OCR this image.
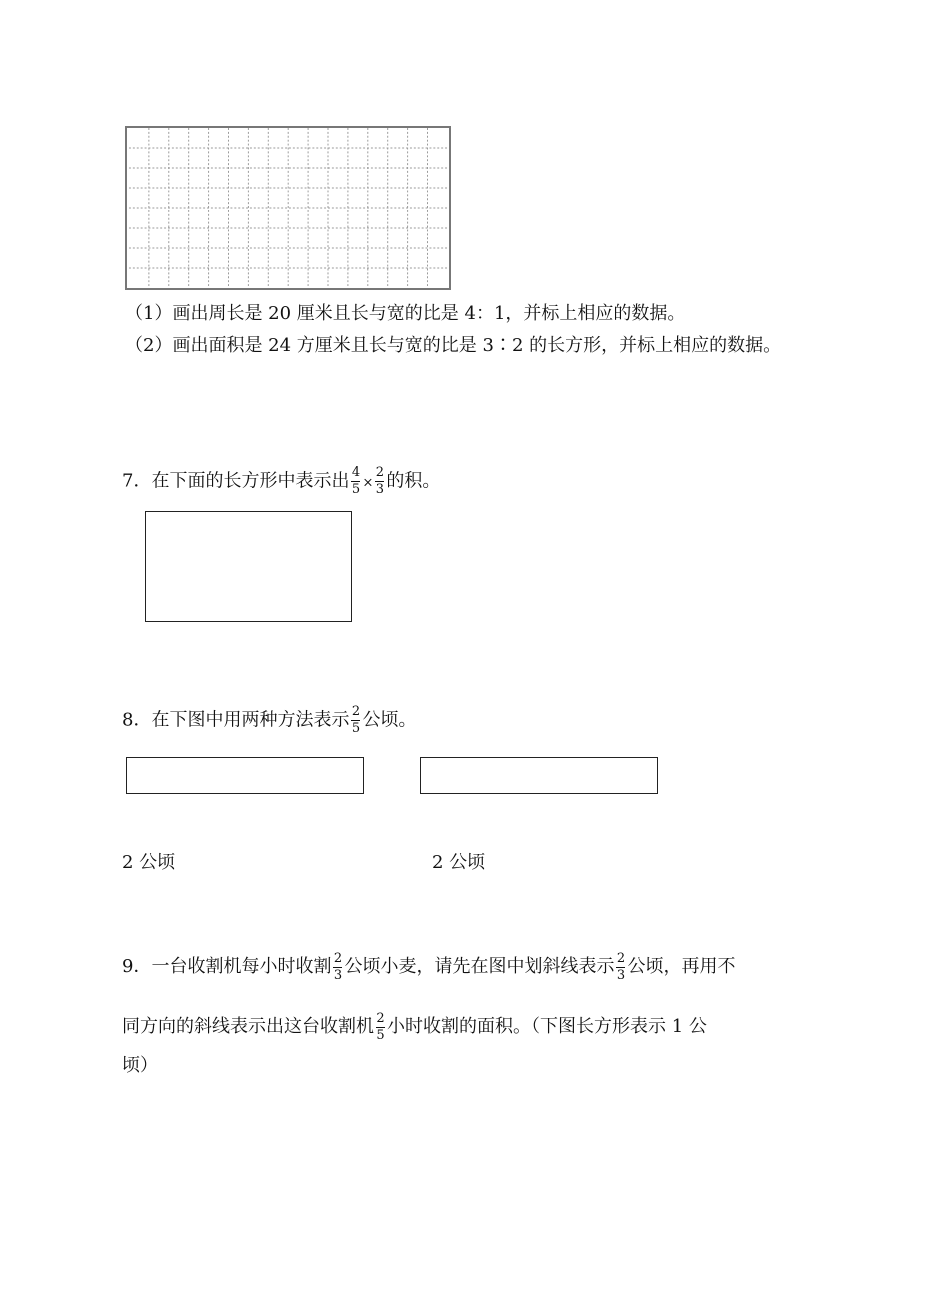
（1）画出周长是 20 厘米且长与宽的比是 4：1，并标上相应的数据。
（2）画出面积是 24 方厘米且长与宽的比是 3∶2 的长方形，并标上相应的数据。
7．在下面的长方形中表示出 $\frac{4}{5} \times \frac{2}{3}$ 的积。
8．在下图中用两种方法表示 $\frac{2}{5}$ 公顷。
2 公顷	2 公顷
9．一台收割机每小时收割 $\frac{2}{3}$ 公顷小麦，请先在图中划斜线表示 $\frac{2}{3}$ 公顷，再用不
同方向的斜线表示出这台收割机 $\frac{2}{5}$ 小时收割的面积。（下图长方形表示 1 公
顷）
